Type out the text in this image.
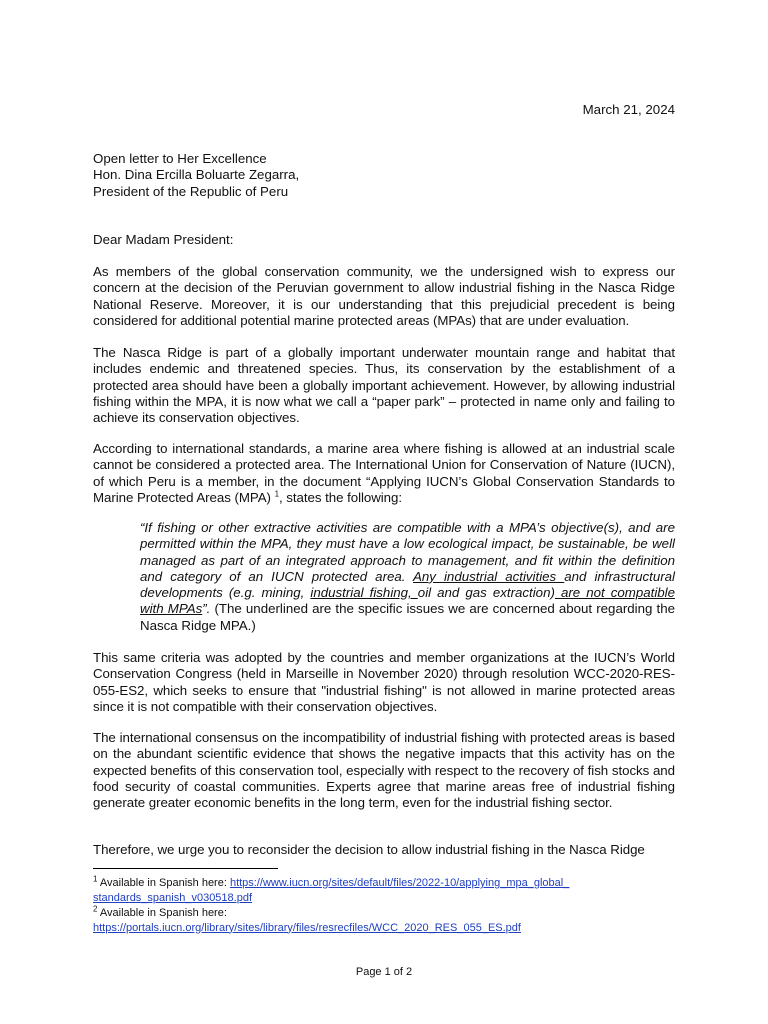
March 21, 2024
Open letter to Her Excellence
Hon. Dina Ercilla Boluarte Zegarra,
President of the Republic of Peru
Dear Madam President:

As members of the global conservation community, we the undersigned wish to express our concern at the decision of the Peruvian government to allow industrial fishing in the Nasca Ridge National Reserve. Moreover, it is our understanding that this prejudicial precedent is being considered for additional potential marine protected areas (MPAs) that are under evaluation.

The Nasca Ridge is part of a globally important underwater mountain range and habitat that includes endemic and threatened species. Thus, its conservation by the establishment of a protected area should have been a globally important achievement. However, by allowing industrial fishing within the MPA, it is now what we call a “paper park” – protected in name only and failing to achieve its conservation objectives.

According to international standards, a marine area where fishing is allowed at an industrial scale cannot be considered a protected area. The International Union for Conservation of Nature (IUCN), of which Peru is a member, in the document “Applying IUCN’s Global Conservation Standards to Marine Protected Areas (MPA) $^1$, states the following:

“If fishing or other extractive activities are compatible with a MPA’s objective(s), and are permitted within the MPA, they must have a low ecological impact, be sustainable, be well managed as part of an integrated approach to management, and fit within the definition and category of an IUCN protected area. Any industrial activities and infrastructural developments (e.g. mining, industrial fishing, oil and gas extraction) are not compatible with MPAs”. (The underlined are the specific issues we are concerned about regarding the Nasca Ridge MPA.)

This same criteria was adopted by the countries and member organizations at the IUCN’s World Conservation Congress (held in Marseille in November 2020) through resolution WCC-2020-RES-055-ES2, which seeks to ensure that "industrial fishing" is not allowed in marine protected areas since it is not compatible with their conservation objectives.

The international consensus on the incompatibility of industrial fishing with protected areas is based on the abundant scientific evidence that shows the negative impacts that this activity has on the expected benefits of this conservation tool, especially with respect to the recovery of fish stocks and food security of coastal communities. Experts agree that marine areas free of industrial fishing generate greater economic benefits in the long term, even for the industrial fishing sector.

Therefore, we urge you to reconsider the decision to allow industrial fishing in the Nasca Ridge

$^1$ Available in Spanish here: https://www.iucn.org/sites/default/files/2022-10/applying_mpa_global_standards_spanish_v030518.pdf
$^2$ Available in Spanish here:
https://portals.iucn.org/library/sites/library/files/resrecfiles/WCC_2020_RES_055_ES.pdf
Page 1 of 2
